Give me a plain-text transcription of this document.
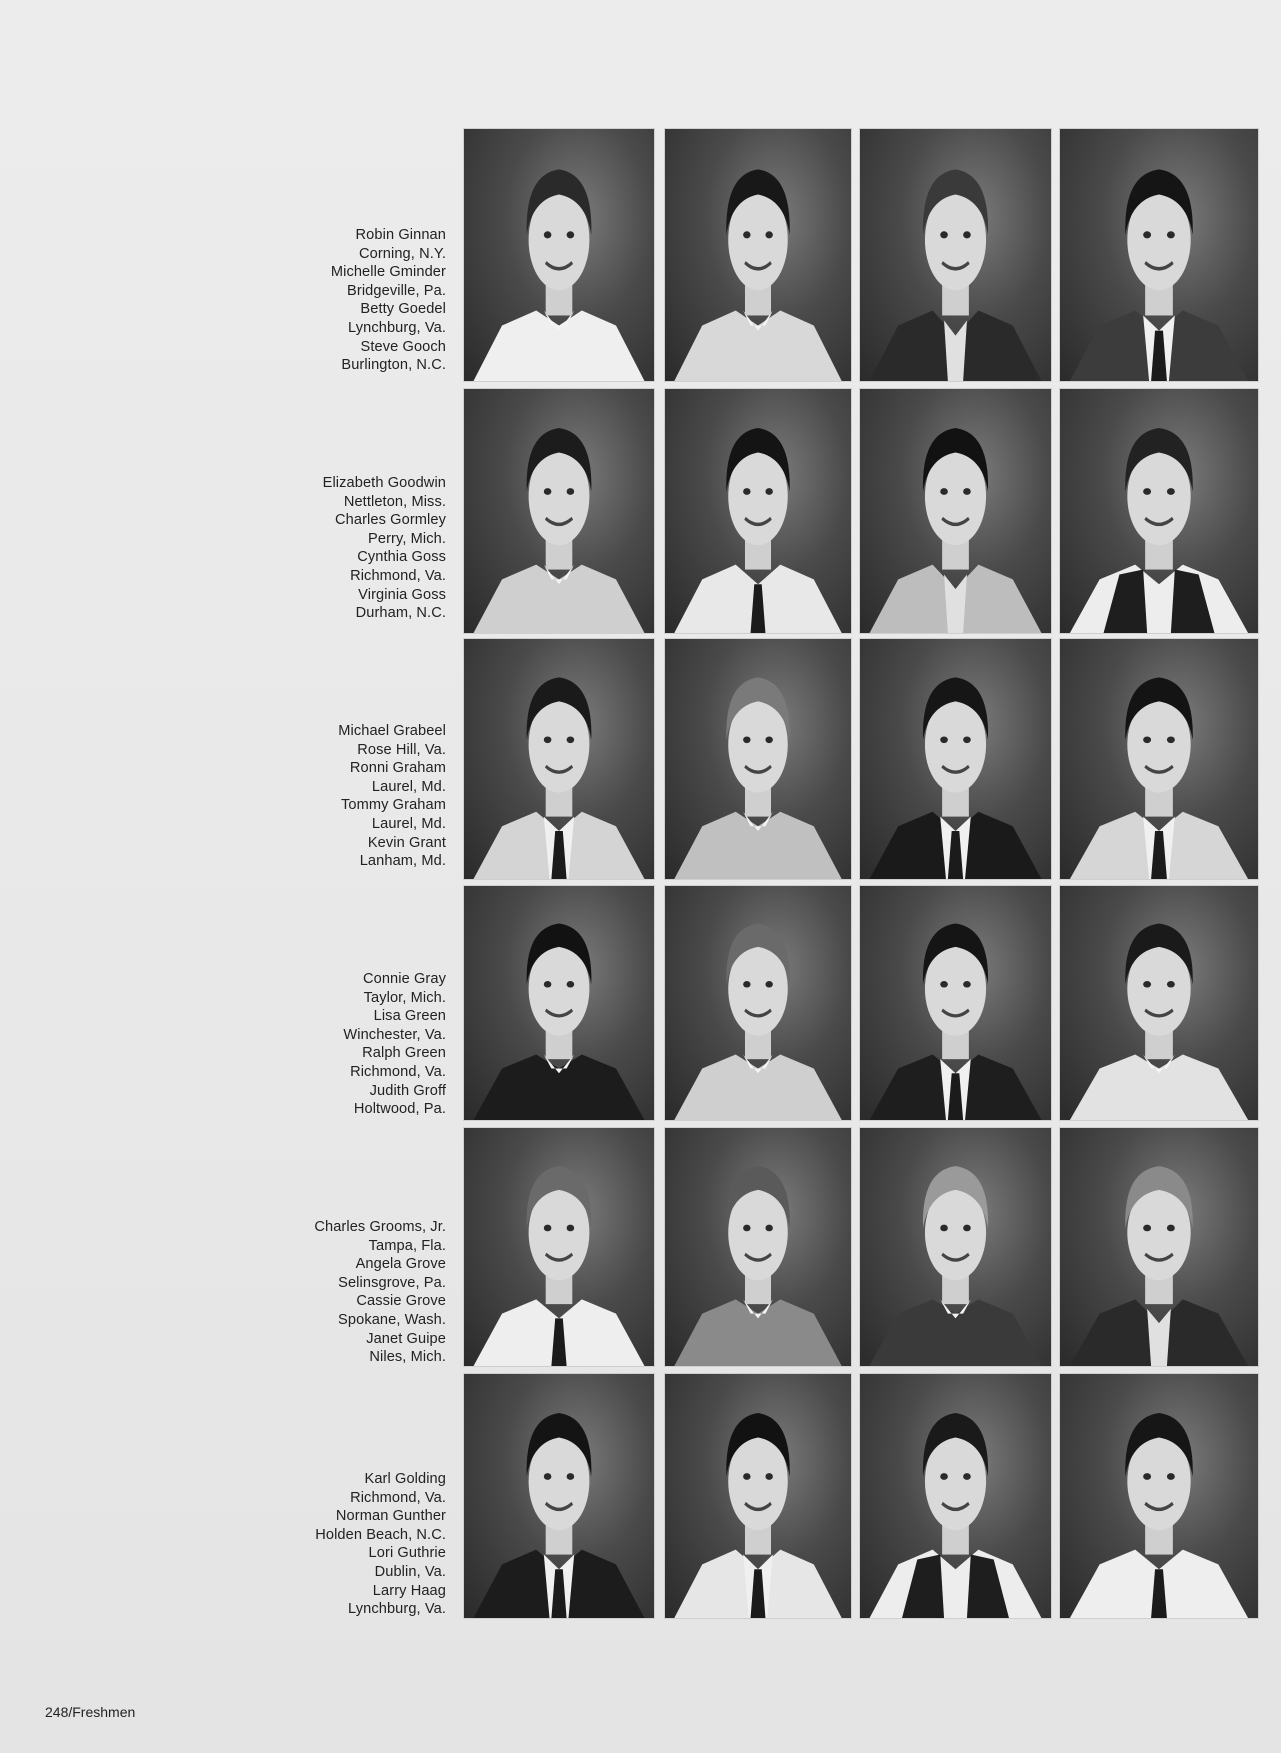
Robin Ginnan
Corning, N.Y.
Michelle Gminder
Bridgeville, Pa.
Betty Goedel
Lynchburg, Va.
Steve Gooch
Burlington, N.C.
Elizabeth Goodwin
Nettleton, Miss.
Charles Gormley
Perry, Mich.
Cynthia Goss
Richmond, Va.
Virginia Goss
Durham, N.C.
Michael Grabeel
Rose Hill, Va.
Ronni Graham
Laurel, Md.
Tommy Graham
Laurel, Md.
Kevin Grant
Lanham, Md.
Connie Gray
Taylor, Mich.
Lisa Green
Winchester, Va.
Ralph Green
Richmond, Va.
Judith Groff
Holtwood, Pa.
Charles Grooms, Jr.
Tampa, Fla.
Angela Grove
Selinsgrove, Pa.
Cassie Grove
Spokane, Wash.
Janet Guipe
Niles, Mich.
Karl Golding
Richmond, Va.
Norman Gunther
Holden Beach, N.C.
Lori Guthrie
Dublin, Va.
Larry Haag
Lynchburg, Va.
248/Freshmen
